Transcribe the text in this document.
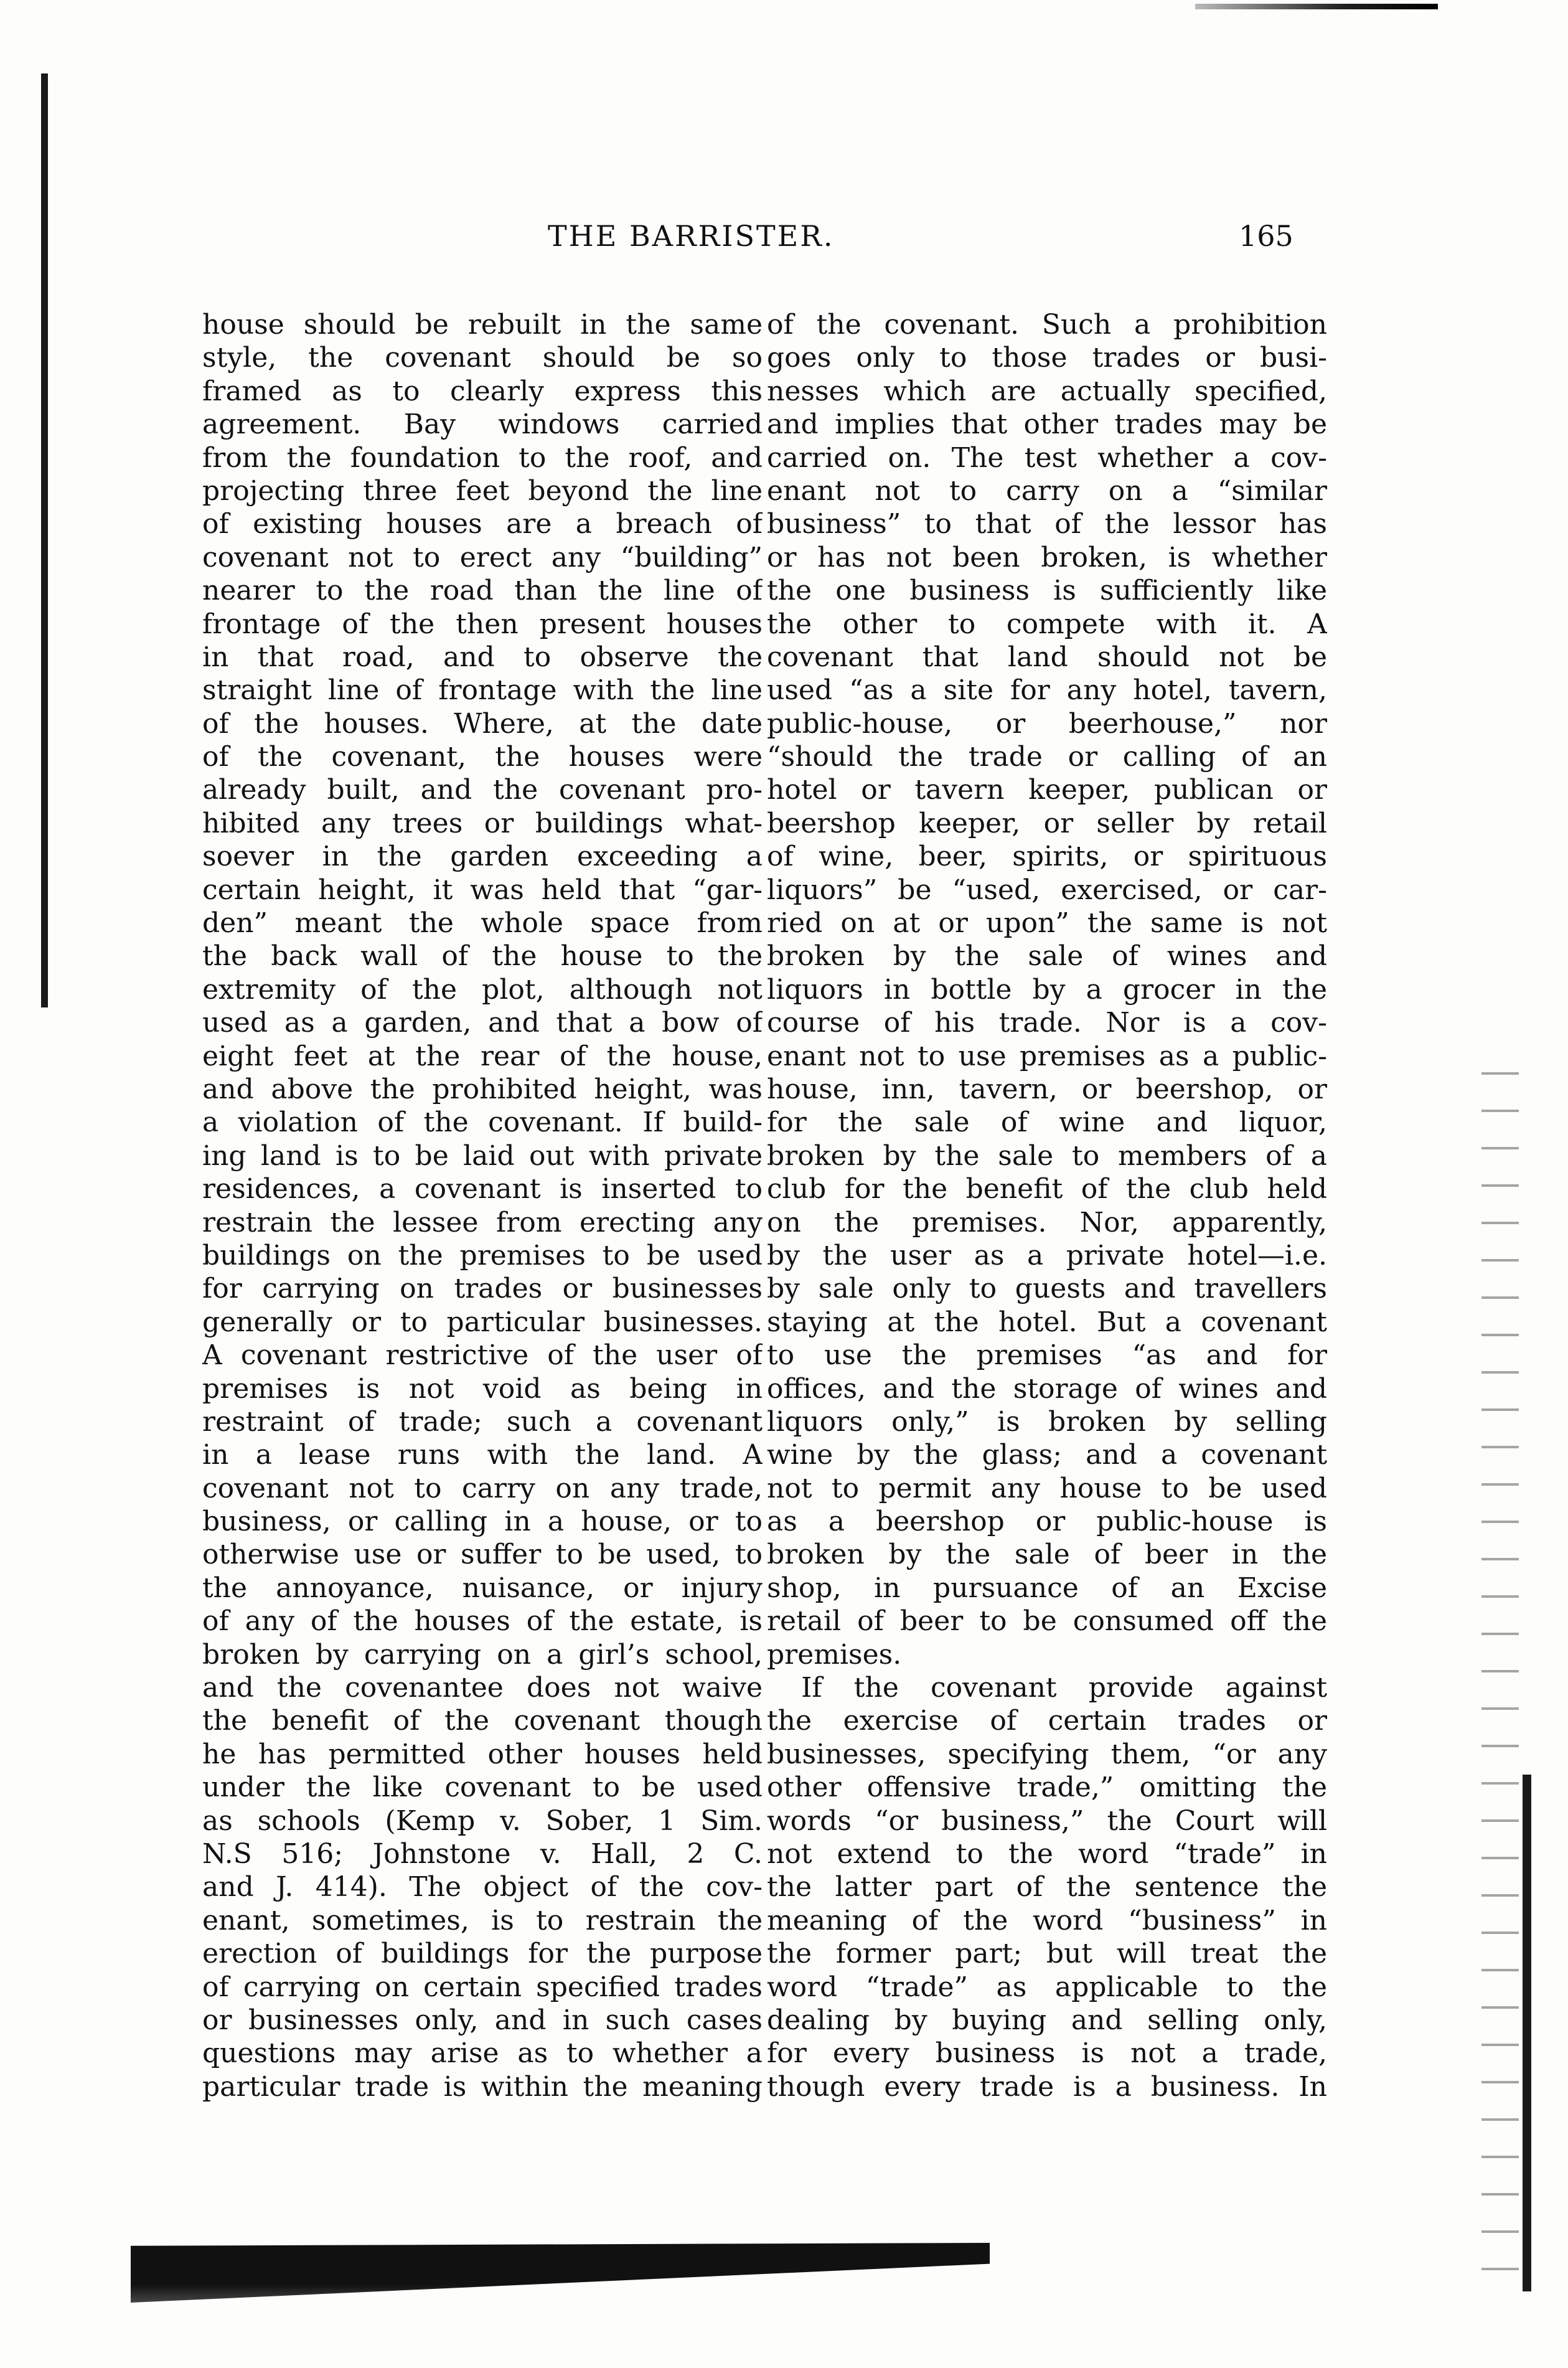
THE BARRISTER.	165
house should be rebuilt in the same
style, the covenant should be so
framed as to clearly express this
agreement. Bay windows carried
from the foundation to the roof, and
projecting three feet beyond the line
of existing houses are a breach of
covenant not to erect any “building”
nearer to the road than the line of
frontage of the then present houses
in that road, and to observe the
straight line of frontage with the line
of the houses. Where, at the date
of the covenant, the houses were
already built, and the covenant pro-
hibited any trees or buildings what-
soever in the garden exceeding a
certain height, it was held that “gar-
den” meant the whole space from
the back wall of the house to the
extremity of the plot, although not
used as a garden, and that a bow of
eight feet at the rear of the house,
and above the prohibited height, was
a violation of the covenant. If build-
ing land is to be laid out with private
residences, a covenant is inserted to
restrain the lessee from erecting any
buildings on the premises to be used
for carrying on trades or businesses
generally or to particular businesses.
A covenant restrictive of the user of
premises is not void as being in
restraint of trade; such a covenant
in a lease runs with the land. A
covenant not to carry on any trade,
business, or calling in a house, or to
otherwise use or suffer to be used, to
the annoyance, nuisance, or injury
of any of the houses of the estate, is
broken by carrying on a girl’s school,
and the covenantee does not waive
the benefit of the covenant though
he has permitted other houses held
under the like covenant to be used
as schools (Kemp v. Sober, 1 Sim.
N.S 516; Johnstone v. Hall, 2 C.
and J. 414). The object of the cov-
enant, sometimes, is to restrain the
erection of buildings for the purpose
of carrying on certain specified trades
or businesses only, and in such cases
questions may arise as to whether a
particular trade is within the meaning
of the covenant. Such a prohibition
goes only to those trades or busi-
nesses which are actually specified,
and implies that other trades may be
carried on. The test whether a cov-
enant not to carry on a “similar
business” to that of the lessor has
or has not been broken, is whether
the one business is sufficiently like
the other to compete with it. A
covenant that land should not be
used “as a site for any hotel, tavern,
public-house, or beerhouse,” nor
“should the trade or calling of an
hotel or tavern keeper, publican or
beershop keeper, or seller by retail
of wine, beer, spirits, or spirituous
liquors” be “used, exercised, or car-
ried on at or upon” the same is not
broken by the sale of wines and
liquors in bottle by a grocer in the
course of his trade. Nor is a cov-
enant not to use premises as a public-
house, inn, tavern, or beershop, or
for the sale of wine and liquor,
broken by the sale to members of a
club for the benefit of the club held
on the premises. Nor, apparently,
by the user as a private hotel—i.e.
by sale only to guests and travellers
staying at the hotel. But a covenant
to use the premises “as and for
offices, and the storage of wines and
liquors only,” is broken by selling
wine by the glass; and a covenant
not to permit any house to be used
as a beershop or public-house is
broken by the sale of beer in the
shop, in pursuance of an Excise
retail of beer to be consumed off the
premises.
If the covenant provide against
the exercise of certain trades or
businesses, specifying them, “or any
other offensive trade,” omitting the
words “or business,” the Court will
not extend to the word “trade” in
the latter part of the sentence the
meaning of the word “business” in
the former part; but will treat the
word “trade” as applicable to the
dealing by buying and selling only,
for every business is not a trade,
though every trade is a business. In
